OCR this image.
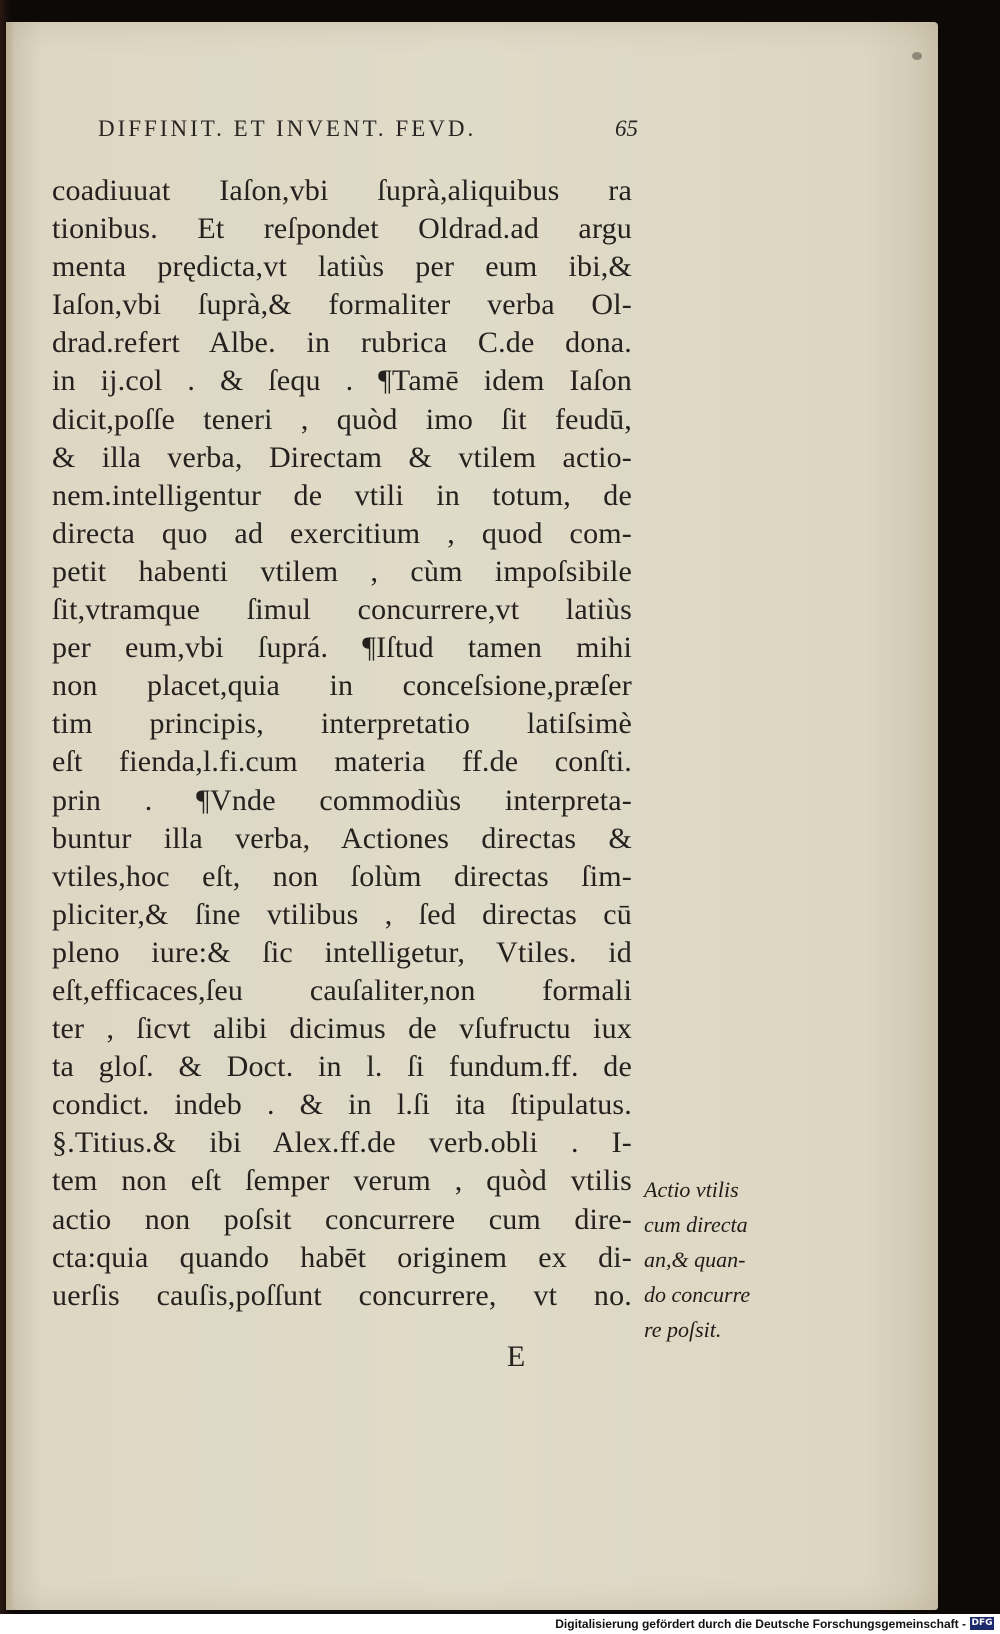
DIFFINIT. ET INVENT. FEVD.	65
coadiuuat Iaſon,vbi ſuprà,aliquibus ra
tionibus. Et reſpondet Oldrad.ad argu
menta prędicta,vt latiùs per eum ibi,&
Iaſon,vbi ſuprà,& formaliter verba Ol-
drad.refert Albe. in rubrica C.de dona.
in ij.col . & ſequ . ¶Tamē idem Iaſon
dicit,poſſe teneri , quòd imo ſit feudū,
& illa verba, Directam & vtilem actio-
nem.intelligentur de vtili in totum, de
directa quo ad exercitium , quod com-
petit habenti vtilem , cùm impoſsibile
ſit,vtramque ſimul concurrere,vt latiùs
per eum,vbi ſuprá. ¶Iſtud tamen mihi
non placet,quia in conceſsione,præſer
tim principis, interpretatio latiſsimè
eſt fienda,l.fi.cum materia ff.de conſti.
prin . ¶Vnde commodiùs interpreta-
buntur illa verba, Actiones directas &
vtiles,hoc eſt, non ſolùm directas ſim-
pliciter,& ſine vtilibus , ſed directas cū
pleno iure:& ſic intelligetur, Vtiles. id
eſt,efficaces,ſeu cauſaliter,non formali
ter , ſicvt alibi dicimus de vſufructu iux
ta gloſ. & Doct. in l. ſi fundum.ff. de
condict. indeb . & in l.ſi ita ſtipulatus.
§.Titius.& ibi Alex.ff.de verb.obli . I-
tem non eſt ſemper verum , quòd vtilis
actio non poſsit concurrere cum dire-
cta:quia quando habēt originem ex di-
uerſis cauſis,poſſunt concurrere, vt no.
Actio vtilis
cum directa
an,& quan-
do concurre
re poſsit.
E
Digitalisierung gefördert durch die Deutsche Forschungsgemeinschaft - DFG
